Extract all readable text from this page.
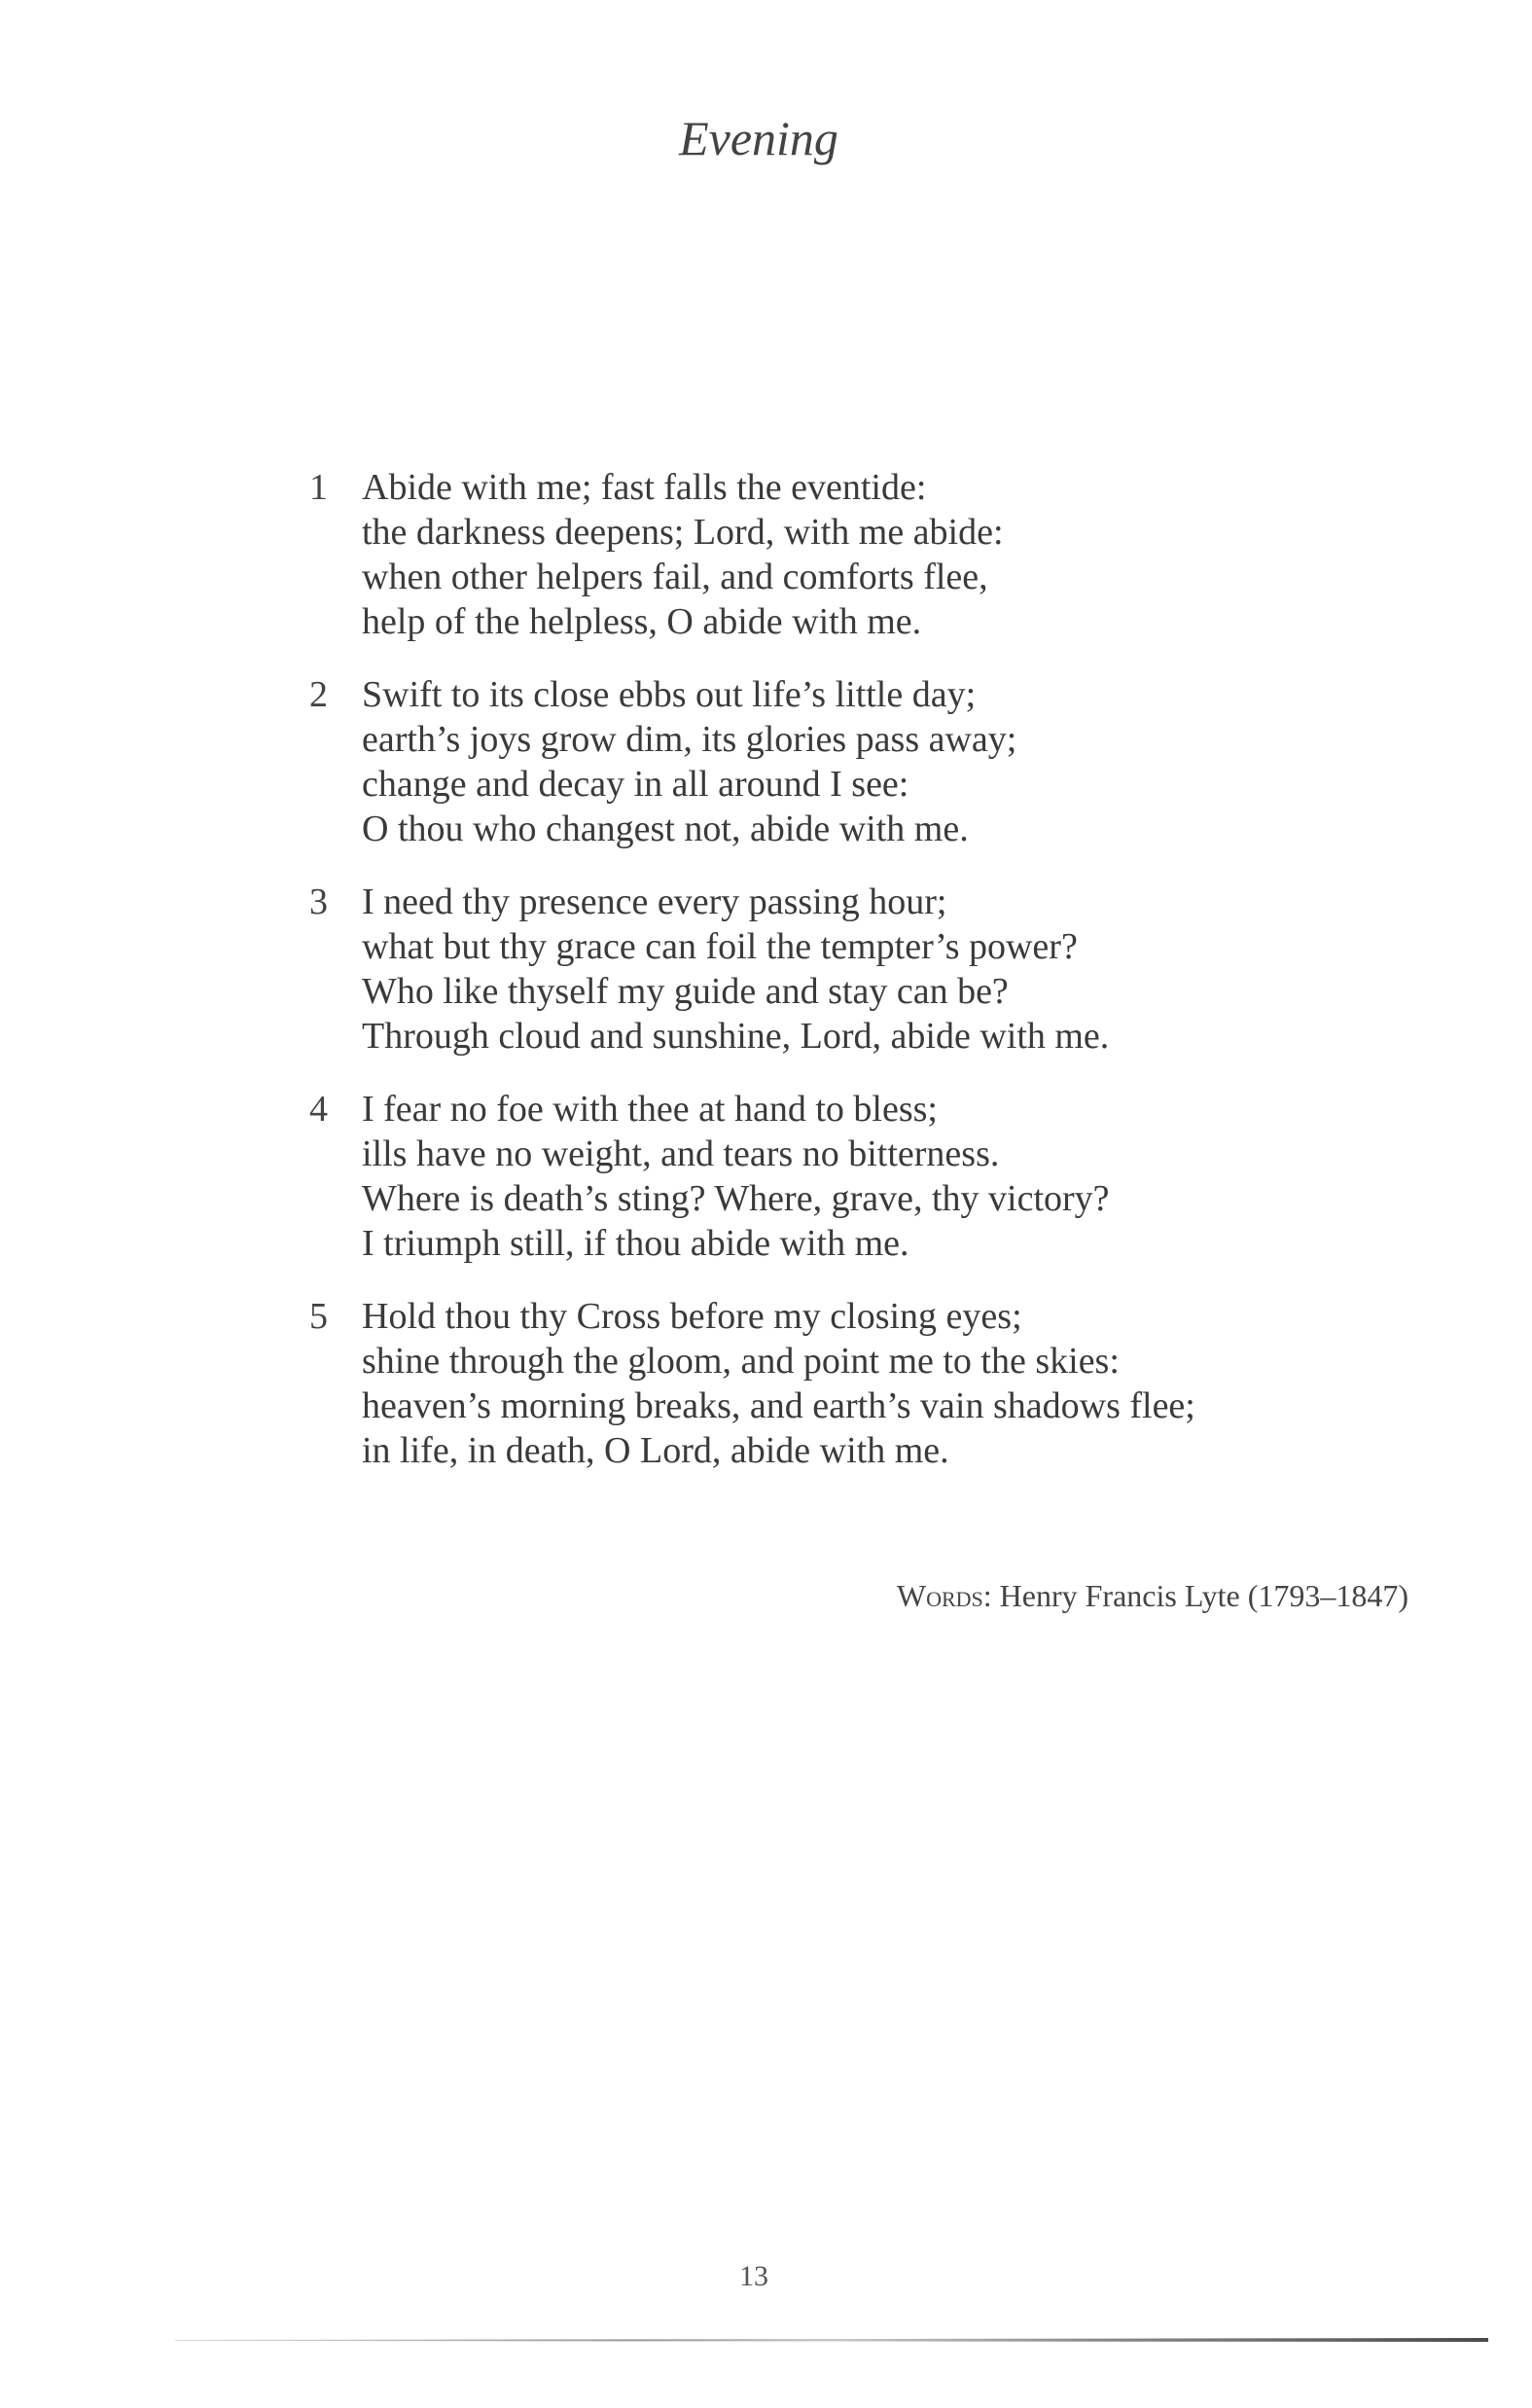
Evening
1 Abide with me; fast falls the eventide:
the darkness deepens; Lord, with me abide:
when other helpers fail, and comforts flee,
help of the helpless, O abide with me.
2 Swift to its close ebbs out life’s little day;
earth’s joys grow dim, its glories pass away;
change and decay in all around I see:
O thou who changest not, abide with me.
3 I need thy presence every passing hour;
what but thy grace can foil the tempter’s power?
Who like thyself my guide and stay can be?
Through cloud and sunshine, Lord, abide with me.
4 I fear no foe with thee at hand to bless;
ills have no weight, and tears no bitterness.
Where is death’s sting? Where, grave, thy victory?
I triumph still, if thou abide with me.
5 Hold thou thy Cross before my closing eyes;
shine through the gloom, and point me to the skies:
heaven’s morning breaks, and earth’s vain shadows flee;
in life, in death, O Lord, abide with me.
Words: Henry Francis Lyte (1793–1847)
13
